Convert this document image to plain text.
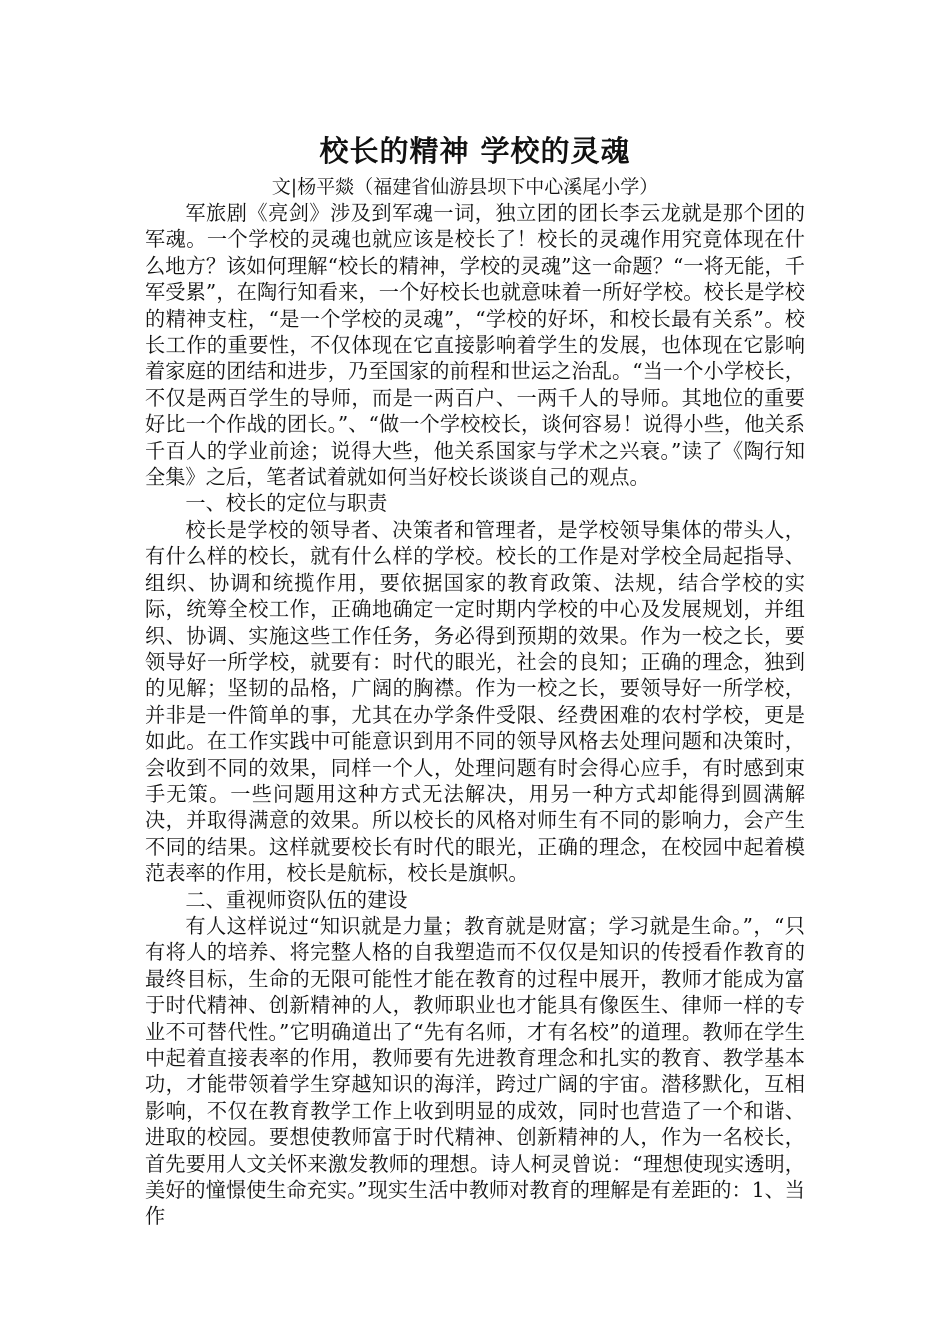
校长的精神 学校的灵魂

文|杨平燚（福建省仙游县坝下中心溪尾小学）

军旅剧《亮剑》涉及到军魂一词，独立团的团长李云龙就是那个团的军魂。一个学校的灵魂也就应该是校长了！校长的灵魂作用究竟体现在什么地方？该如何理解“校长的精神，学校的灵魂”这一命题？“一将无能，千军受累”，在陶行知看来，一个好校长也就意味着一所好学校。校长是学校的精神支柱，“是一个学校的灵魂”，“学校的好坏，和校长最有关系”。校长工作的重要性，不仅体现在它直接影响着学生的发展，也体现在它影响着家庭的团结和进步，乃至国家的前程和世运之治乱。“当一个小学校长，不仅是两百学生的导师，而是一两百户、一两千人的导师。其地位的重要好比一个作战的团长。”、“做一个学校校长，谈何容易！说得小些，他关系千百人的学业前途；说得大些，他关系国家与学术之兴衰。”读了《陶行知全集》之后，笔者试着就如何当好校长谈谈自己的观点。

一、校长的定位与职责

校长是学校的领导者、决策者和管理者，是学校领导集体的带头人，有什么样的校长，就有什么样的学校。校长的工作是对学校全局起指导、组织、协调和统揽作用，要依据国家的教育政策、法规，结合学校的实际，统筹全校工作，正确地确定一定时期内学校的中心及发展规划，并组织、协调、实施这些工作任务，务必得到预期的效果。作为一校之长，要领导好一所学校，就要有：时代的眼光，社会的良知；正确的理念，独到的见解；坚韧的品格，广阔的胸襟。作为一校之长，要领导好一所学校，并非是一件简单的事，尤其在办学条件受限、经费困难的农村学校，更是如此。在工作实践中可能意识到用不同的领导风格去处理问题和决策时，会收到不同的效果，同样一个人，处理问题有时会得心应手，有时感到束手无策。一些问题用这种方式无法解决，用另一种方式却能得到圆满解决，并取得满意的效果。所以校长的风格对师生有不同的影响力，会产生不同的结果。这样就要校长有时代的眼光，正确的理念，在校园中起着模范表率的作用，校长是航标，校长是旗帜。

二、重视师资队伍的建设

有人这样说过“知识就是力量；教育就是财富；学习就是生命。”，“只有将人的培养、将完整人格的自我塑造而不仅仅是知识的传授看作教育的最终目标，生命的无限可能性才能在教育的过程中展开，教师才能成为富于时代精神、创新精神的人，教师职业也才能具有像医生、律师一样的专业不可替代性。”它明确道出了“先有名师，才有名校”的道理。教师在学生中起着直接表率的作用，教师要有先进教育理念和扎实的教育、教学基本功，才能带领着学生穿越知识的海洋，跨过广阔的宇宙。潜移默化，互相影响，不仅在教育教学工作上收到明显的成效，同时也营造了一个和谐、进取的校园。要想使教师富于时代精神、创新精神的人，作为一名校长，首先要用人文关怀来激发教师的理想。诗人柯灵曾说：“理想使现实透明，美好的憧憬使生命充实。”现实生活中教师对教育的理解是有差距的：1、当作
